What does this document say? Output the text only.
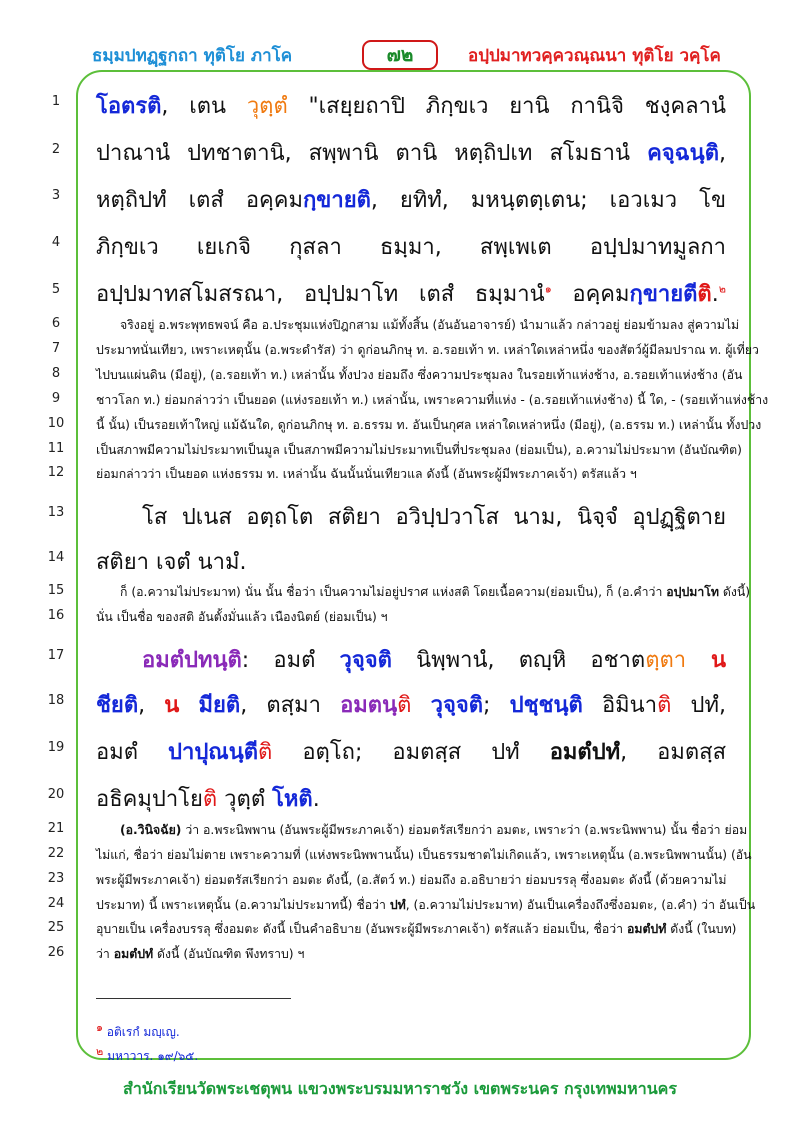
ธมฺมปทฏฺฐกถา ทุติโย ภาโค	๗๒	อปฺปมาทวคฺควณฺณนา ทุติโย วคฺโค
1
2
3
4
5
6
7
8
9
10
11
12
13
14
15
16
17
18
19
20
21
22
23
24
25
26
โอตรติ, เตน วุตฺตํ "เสยฺยถาปิ ภิกฺขเว ยานิ กานิจิ ชงฺคลานํ
ปาณานํ ปทชาตานิ, สพฺพานิ ตานิ หตฺถิปเท สโมธานํ คจฺฉนฺติ,
หตฺถิปทํ เตสํ อคฺคมกฺขายติ, ยทิทํ, มหนฺตตฺเตน; เอวเมว โข
ภิกฺขเว เยเกจิ กุสลา ธมฺมา, สพฺเพเต อปฺปมาทมูลกา
อปฺปมาทสโมสรณา, อปฺปมาโท เตสํ ธมฺมานํ$^๑$ อคฺคมกฺขายตีติ.$^๒$
จริงอยู่ อ.พระพุทธพจน์ คือ อ.ประชุมแห่งปิฎกสาม แม้ทั้งสิ้น (อันอันอาจารย์) นำมาแล้ว กล่าวอยู่ ย่อมข้ามลง สู่ความไม่
ประมาทนั่นเทียว, เพราะเหตุนั้น (อ.พระดำรัส) ว่า ดูก่อนภิกษุ ท. อ.รอยเท้า ท. เหล่าใดเหล่าหนึ่ง ของสัตว์ผู้มีลมปราณ ท. ผู้เที่ยว
ไปบนแผ่นดิน (มีอยู่), (อ.รอยเท้า ท.) เหล่านั้น ทั้งปวง ย่อมถึง ซึ่งความประชุมลง ในรอยเท้าแห่งช้าง, อ.รอยเท้าแห่งช้าง (อัน
ชาวโลก ท.) ย่อมกล่าวว่า เป็นยอด (แห่งรอยเท้า ท.) เหล่านั้น, เพราะความที่แห่ง - (อ.รอยเท้าแห่งช้าง) นี้ ใด, - (รอยเท้าแห่งช้าง
นี้ นั้น) เป็นรอยเท้าใหญ่ แม้ฉันใด, ดูก่อนภิกษุ ท. อ.ธรรม ท. อันเป็นกุศล เหล่าใดเหล่าหนึ่ง (มีอยู่), (อ.ธรรม ท.) เหล่านั้น ทั้งปวง
เป็นสภาพมีความไม่ประมาทเป็นมูล เป็นสภาพมีความไม่ประมาทเป็นที่ประชุมลง (ย่อมเป็น), อ.ความไม่ประมาท (อันบัณฑิต)
ย่อมกล่าวว่า เป็นยอด แห่งธรรม ท. เหล่านั้น ฉันนั้นนั่นเทียวแล ดังนี้ (อันพระผู้มีพระภาคเจ้า) ตรัสแล้ว ฯ
โส ปเนส อตฺถโต สติยา อวิปฺปวาโส นาม, นิจฺจํ อุปฏฺฐิตาย
สติยา เจตํ นามํ.
ก็ (อ.ความไม่ประมาท) นั่น นั้น ชื่อว่า เป็นความไม่อยู่ปราศ แห่งสติ โดยเนื้อความ(ย่อมเป็น), ก็ (อ.คำว่า อปฺปมาโท ดังนี้)
นั่น เป็นชื่อ ของสติ อันตั้งมั่นแล้ว เนืองนิตย์ (ย่อมเป็น) ฯ
อมตํปทนฺติ: อมตํ วุจฺจติ นิพฺพานํ, ตญฺหิ อชาตตฺตา น
ชียติ, น มียติ, ตสฺมา อมตนฺติ วุจฺจติ; ปชฺชนฺติ อิมินาติ ปทํ,
อมตํ ปาปุณนฺตีติ อตฺโถ; อมตสฺส ปทํ อมตํปทํ, อมตสฺส
อธิคมุปาโยติ วุตฺตํ โหติ.
(อ.วินิจฉัย) ว่า อ.พระนิพพาน (อันพระผู้มีพระภาคเจ้า) ย่อมตรัสเรียกว่า อมตะ, เพราะว่า (อ.พระนิพพาน) นั้น ชื่อว่า ย่อม
ไม่แก่, ชื่อว่า ย่อมไม่ตาย เพราะความที่ (แห่งพระนิพพานนั้น) เป็นธรรมชาตไม่เกิดแล้ว, เพราะเหตุนั้น (อ.พระนิพพานนั้น) (อัน
พระผู้มีพระภาคเจ้า) ย่อมตรัสเรียกว่า อมตะ ดังนี้, (อ.สัตว์ ท.) ย่อมถึง อ.อธิบายว่า ย่อมบรรลุ ซึ่งอมตะ ดังนี้ (ด้วยความไม่
ประมาท) นี้ เพราะเหตุนั้น (อ.ความไม่ประมาทนี้) ชื่อว่า ปทํ, (อ.ความไม่ประมาท) อันเป็นเครื่องถึงซึ่งอมตะ, (อ.คำ) ว่า อันเป็น
อุบายเป็น เครื่องบรรลุ ซึ่งอมตะ ดังนี้ เป็นคำอธิบาย (อันพระผู้มีพระภาคเจ้า) ตรัสแล้ว ย่อมเป็น, ชื่อว่า อมตํปทํ ดังนี้ (ในบท)
ว่า อมตํปทํ ดังนี้ (อันบัณฑิต พึงทราบ) ฯ
$^๑$ อติเรกํ มญฺเญ.
$^๒$ มหาวาร. ๑๙/๖๕.
สำนักเรียนวัดพระเชตุพน แขวงพระบรมมหาราชวัง เขตพระนคร กรุงเทพมหานคร
